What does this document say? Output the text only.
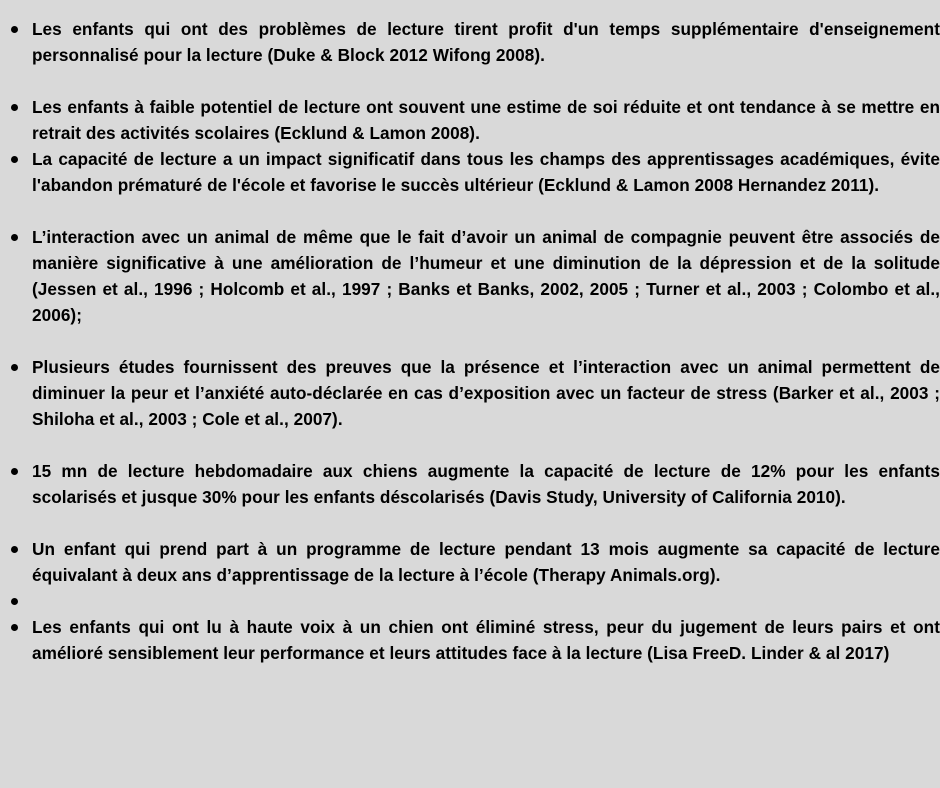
Les enfants qui ont des problèmes de lecture tirent profit d'un temps supplémentaire d'enseignement personnalisé pour la lecture (Duke & Block 2012 Wifong 2008).
Les enfants à faible potentiel de lecture ont souvent une estime de soi réduite et ont tendance à se mettre en retrait des activités scolaires (Ecklund & Lamon 2008).
La capacité de lecture a un impact significatif dans tous les champs des apprentissages académiques, évite l'abandon prématuré de l'école et favorise le succès ultérieur (Ecklund & Lamon 2008 Hernandez 2011).
L’interaction avec un animal de même que le fait d’avoir un animal de compagnie peuvent être associés de manière significative à une amélioration de l’humeur et une diminution de la dépression et de la solitude (Jessen et al., 1996 ; Holcomb et al., 1997 ; Banks et Banks, 2002, 2005 ; Turner et al., 2003 ; Colombo et al., 2006);
Plusieurs études fournissent des preuves que la présence et l’interaction avec un animal permettent de diminuer la peur et l’anxiété auto-déclarée en cas d’exposition avec un facteur de stress (Barker et al., 2003 ; Shiloha et al., 2003 ; Cole et al., 2007).
15 mn de lecture hebdomadaire aux chiens augmente la capacité de lecture de 12% pour les enfants scolarisés et jusque 30% pour les enfants déscolarisés (Davis Study, University of California 2010).
Un enfant qui prend part à un programme de lecture pendant 13 mois augmente sa capacité de lecture équivalant à deux ans d’apprentissage de la lecture à l’école (Therapy Animals.org).
Les enfants qui ont lu à haute voix à un chien ont éliminé stress, peur du jugement de leurs pairs et ont amélioré sensiblement leur performance et leurs attitudes face à la lecture (Lisa FreeD. Linder & al 2017)
